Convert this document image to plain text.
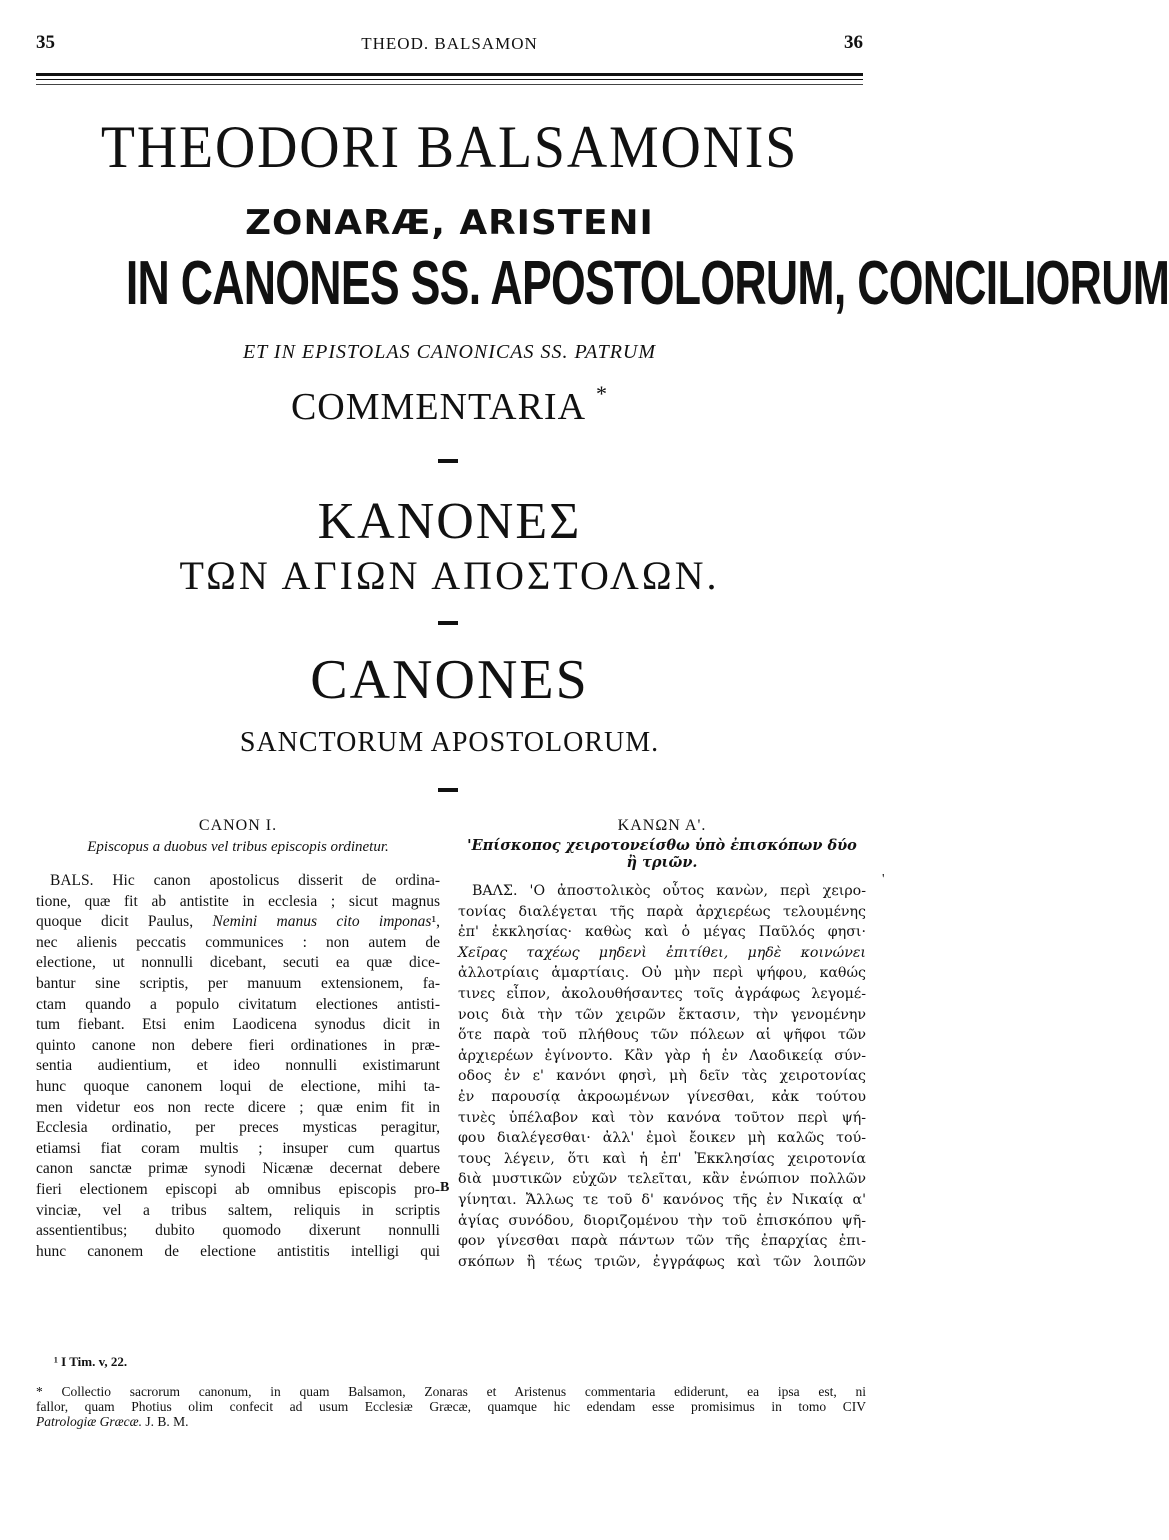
35	THEOD. BALSAMON	36
THEODORI BALSAMONIS
ZONARÆ, ARISTENI
IN CANONES SS. APOSTOLORUM, CONCILIORUM
ET IN EPISTOLAS CANONICAS SS. PATRUM
COMMENTARIA *
ΚΑΝΟΝΕΣ
ΤΩΝ ΑΓΙΩΝ ΑΠΟΣΤΟΛΩΝ.
CANONES
SANCTORUM APOSTOLORUM.
CANON I.
Episcopus a duobus vel tribus episcopis ordinetur.
BALS. Hic canon apostolicus disserit de ordina-
tione, quæ fit ab antistite in ecclesia ; sicut magnus
quoque dicit Paulus, Nemini manus cito imponas¹,
nec alienis peccatis communices : non autem de
electione, ut nonnulli dicebant, secuti ea quæ dice-
bantur sine scriptis, per manuum extensionem, fa-
ctam quando a populo civitatum electiones antisti-
tum fiebant. Etsi enim Laodicena synodus dicit in
quinto canone non debere fieri ordinationes in præ-
sentia audientium, et ideo nonnulli existimarunt
hunc quoque canonem loqui de electione, mihi ta-
men videtur eos non recte dicere ; quæ enim fit in
Ecclesia ordinatio, per preces mysticas peragitur,
etiamsi fiat coram multis ; insuper cum quartus
canon sanctæ primæ synodi Nicænæ decernat debere
fieri electionem episcopi ab omnibus episcopis pro-
vinciæ, vel a tribus saltem, reliquis in scriptis
assentientibus; dubito quomodo dixerunt nonnulli
hunc canonem de electione antistitis intelligi qui
B
'
ΚΑΝΩΝ Α'.
'Επίσκοπος χειροτονείσθω ὑπὸ ἐπισκόπων δύο
ἢ τριῶν.
ΒΑΛΣ. 'Ο ἀποστολικὸς οὗτος κανὼν, περὶ χειρο-
τονίας διαλέγεται τῆς παρὰ ἀρχιερέως τελουμένης
ἐπ' ἐκκλησίας· καθὼς καὶ ὁ μέγας Παῦλός φησι·
Χεῖρας ταχέως μηδενὶ ἐπιτίθει, μηδὲ κοινώνει
ἀλλοτρίαις ἁμαρτίαις. Οὐ μὴν περὶ ψήφου, καθώς
τινες εἶπον, ἀκολουθήσαντες τοῖς ἀγράφως λεγομέ-
νοις διὰ τὴν τῶν χειρῶν ἔκτασιν, τὴν γενομένην
ὅτε παρὰ τοῦ πλήθους τῶν πόλεων αἱ ψῆφοι τῶν
ἀρχιερέων ἐγίνοντο. Κἂν γὰρ ἡ ἐν Λαοδικείᾳ σύν-
οδος ἐν ε' κανόνι φησὶ, μὴ δεῖν τὰς χειροτονίας
ἐν παρουσίᾳ ἀκροωμένων γίνεσθαι, κἀκ τούτου
τινὲς ὑπέλαβον καὶ τὸν κανόνα τοῦτον περὶ ψή-
φου διαλέγεσθαι· ἀλλ' ἐμοὶ ἔοικεν μὴ καλῶς τού-
τους λέγειν, ὅτι καὶ ἡ ἐπ' Ἐκκλησίας χειροτονία
διὰ μυστικῶν εὐχῶν τελεῖται, κἂν ἐνώπιον πολλῶν
γίνηται. Ἄλλως τε τοῦ δ' κανόνος τῆς ἐν Νικαίᾳ α'
ἁγίας συνόδου, διοριζομένου τὴν τοῦ ἐπισκόπου ψῆ-
φον γίνεσθαι παρὰ πάντων τῶν τῆς ἐπαρχίας ἐπι-
σκόπων ἢ τέως τριῶν, ἐγγράφως καὶ τῶν λοιπῶν
¹ I Tim. v, 22.
* Collectio sacrorum canonum, in quam Balsamon, Zonaras et Aristenus commentaria ediderunt, ea ipsa est, ni
fallor, quam Photius olim confecit ad usum Ecclesiæ Græcæ, quamque hic edendam esse promisimus in tomo CIV
Patrologiæ Græcæ. J. B. M.
